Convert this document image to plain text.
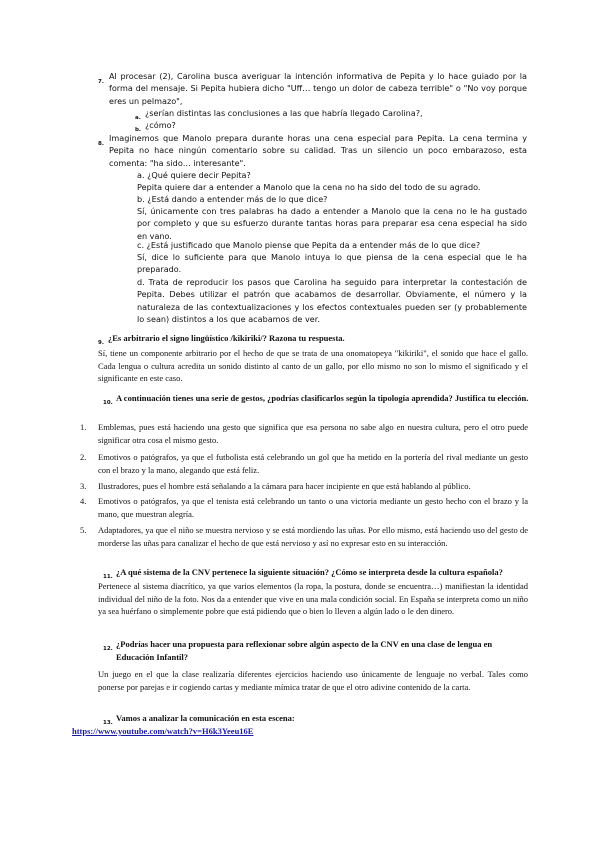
7.

Al procesar (2), Carolina busca averiguar la intención informativa de Pepita y lo hace guiado por la forma del mensaje. Si Pepita hubiera dicho "Uff… tengo un dolor de cabeza terrible" o "No voy porque eres un pelmazo",

a. ¿serían distintas las conclusiones a las que habría llegado Carolina?,

b. ¿cómo?

8.

Imaginemos que Manolo prepara durante horas una cena especial para Pepita. La cena termina y Pepita no hace ningún comentario sobre su calidad. Tras un silencio un poco embarazoso, esta comenta: "ha sido… interesante".

a. ¿Qué quiere decir Pepita?

Pepita quiere dar a entender a Manolo que la cena no ha sido del todo de su agrado.

b. ¿Está dando a entender más de lo que dice?

Sí, únicamente con tres palabras ha dado a entender a Manolo que la cena no le ha gustado por completo y que su esfuerzo durante tantas horas para preparar esa cena especial ha sido en vano.

c. ¿Está justificado que Manolo piense que Pepita da a entender más de lo que dice?

Sí, dice lo suficiente para que Manolo intuya lo que piensa de la cena especial que le ha preparado.

d. Trata de reproducir los pasos que Carolina ha seguido para interpretar la contestación de Pepita. Debes utilizar el patrón que acabamos de desarrollar. Obviamente, el número y la naturaleza de las contextualizaciones y los efectos contextuales pueden ser (y probablemente lo sean) distintos a los que acabamos de ver.

9. ¿Es arbitrario el signo lingüístico /kikiriki/? Razona tu respuesta.

Sí, tiene un componente arbitrario por el hecho de que se trata de una onomatopeya "kikiriki", el sonido que hace el gallo. Cada lengua o cultura acredita un sonido distinto al canto de un gallo, por ello mismo no son lo mismo el significado y el significante en este caso.

10. A continuación tienes una serie de gestos, ¿podrías clasificarlos según la tipología aprendida? Justifica tu elección.

1. Emblemas, pues está haciendo una gesto que significa que esa persona no sabe algo en nuestra cultura, pero el otro puede significar otra cosa el mismo gesto.

2. Emotivos o patógrafos, ya que el futbolista está celebrando un gol que ha metido en la portería del rival mediante un gesto con el brazo y la mano, alegando que está feliz.

3. Ilustradores, pues el hombre está señalando a la cámara para hacer incipiente en que está hablando al público.

4. Emotivos o patógrafos, ya que el tenista está celebrando un tanto o una victoria mediante un gesto hecho con el brazo y la mano, que muestran alegría.

5. Adaptadores, ya que el niño se muestra nervioso y se está mordiendo las uñas. Por ello mismo, está haciendo uso del gesto de morderse las uñas para canalizar el hecho de que está nervioso y así no expresar esto en su interacción.

11. ¿A qué sistema de la CNV pertenece la siguiente situación? ¿Cómo se interpreta desde la cultura española?

Pertenece al sistema diacrítico, ya que varios elementos (la ropa, la postura, donde se encuentra…) manifiestan la identidad individual del niño de la foto. Nos da a entender que vive en una mala condición social. En España se interpreta como un niño ya sea huérfano o simplemente pobre que está pidiendo que o bien lo lleven a algún lado o le den dinero.

12. ¿Podrías hacer una propuesta para reflexionar sobre algún aspecto de la CNV en una clase de lengua en Educación Infantil?

Un juego en el que la clase realizaría diferentes ejercicios haciendo uso únicamente de lenguaje no verbal. Tales como ponerse por parejas e ir cogiendo cartas y mediante mímica tratar de que el otro adivine contenido de la carta.

13. Vamos a analizar la comunicación en esta escena:

https://www.youtube.com/watch?v=H6k3Yeeu16E
